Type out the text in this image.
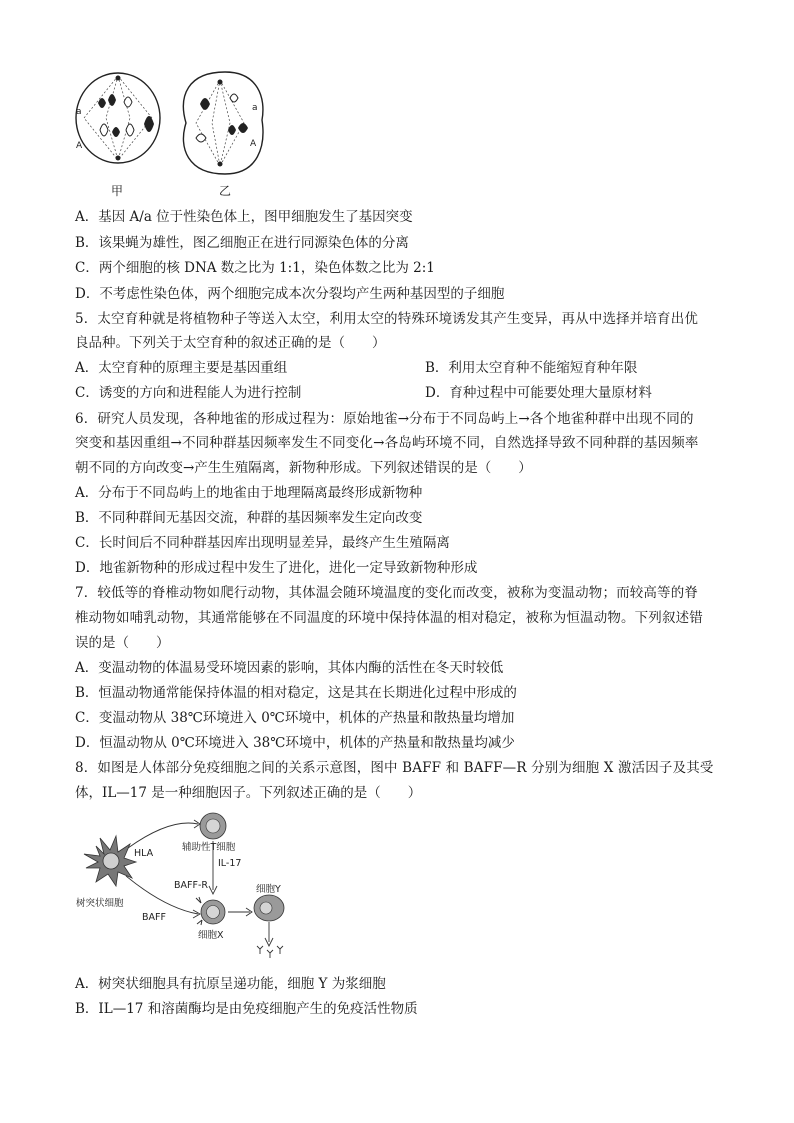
a
A
a
A
甲	乙
A．基因 A/a 位于性染色体上，图甲细胞发生了基因突变
B．该果蝇为雄性，图乙细胞正在进行同源染色体的分离
C．两个细胞的核 DNA 数之比为 1:1，染色体数之比为 2:1
D．不考虑性染色体，两个细胞完成本次分裂均产生两种基因型的子细胞
5．太空育种就是将植物种子等送入太空，利用太空的特殊环境诱发其产生变异，再从中选择并培育出优
良品种。下列关于太空育种的叙述正确的是（　　）
A．太空育种的原理主要是基因重组	B．利用太空育种不能缩短育种年限
C．诱变的方向和进程能人为进行控制	D．育种过程中可能要处理大量原材料
6．研究人员发现，各种地雀的形成过程为：原始地雀→分布于不同岛屿上→各个地雀种群中出现不同的
突变和基因重组→不同种群基因频率发生不同变化→各岛屿环境不同，自然选择导致不同种群的基因频率
朝不同的方向改变→产生生殖隔离，新物种形成。下列叙述错误的是（　　）
A．分布于不同岛屿上的地雀由于地理隔离最终形成新物种
B．不同种群间无基因交流，种群的基因频率发生定向改变
C．长时间后不同种群基因库出现明显差异，最终产生生殖隔离
D．地雀新物种的形成过程中发生了进化，进化一定导致新物种形成
7．较低等的脊椎动物如爬行动物，其体温会随环境温度的变化而改变，被称为变温动物；而较高等的脊
椎动物如哺乳动物，其通常能够在不同温度的环境中保持体温的相对稳定，被称为恒温动物。下列叙述错
误的是（　　）
A．变温动物的体温易受环境因素的影响，其体内酶的活性在冬天时较低
B．恒温动物通常能保持体温的相对稳定，这是其在长期进化过程中形成的
C．变温动物从 38℃环境进入 0℃环境中，机体的产热量和散热量均增加
D．恒温动物从 0℃环境进入 38℃环境中，机体的产热量和散热量均减少
8．如图是人体部分免疫细胞之间的关系示意图，图中 BAFF 和 BAFF—R 分别为细胞 X 激活因子及其受
体，IL—17 是一种细胞因子。下列叙述正确的是（　　）
HLA
辅助性T细胞
IL-17
BAFF-R	细胞Y
树突状细胞
BAFF
细胞X
A．树突状细胞具有抗原呈递功能，细胞 Y 为浆细胞
B．IL—17 和溶菌酶均是由免疫细胞产生的免疫活性物质
